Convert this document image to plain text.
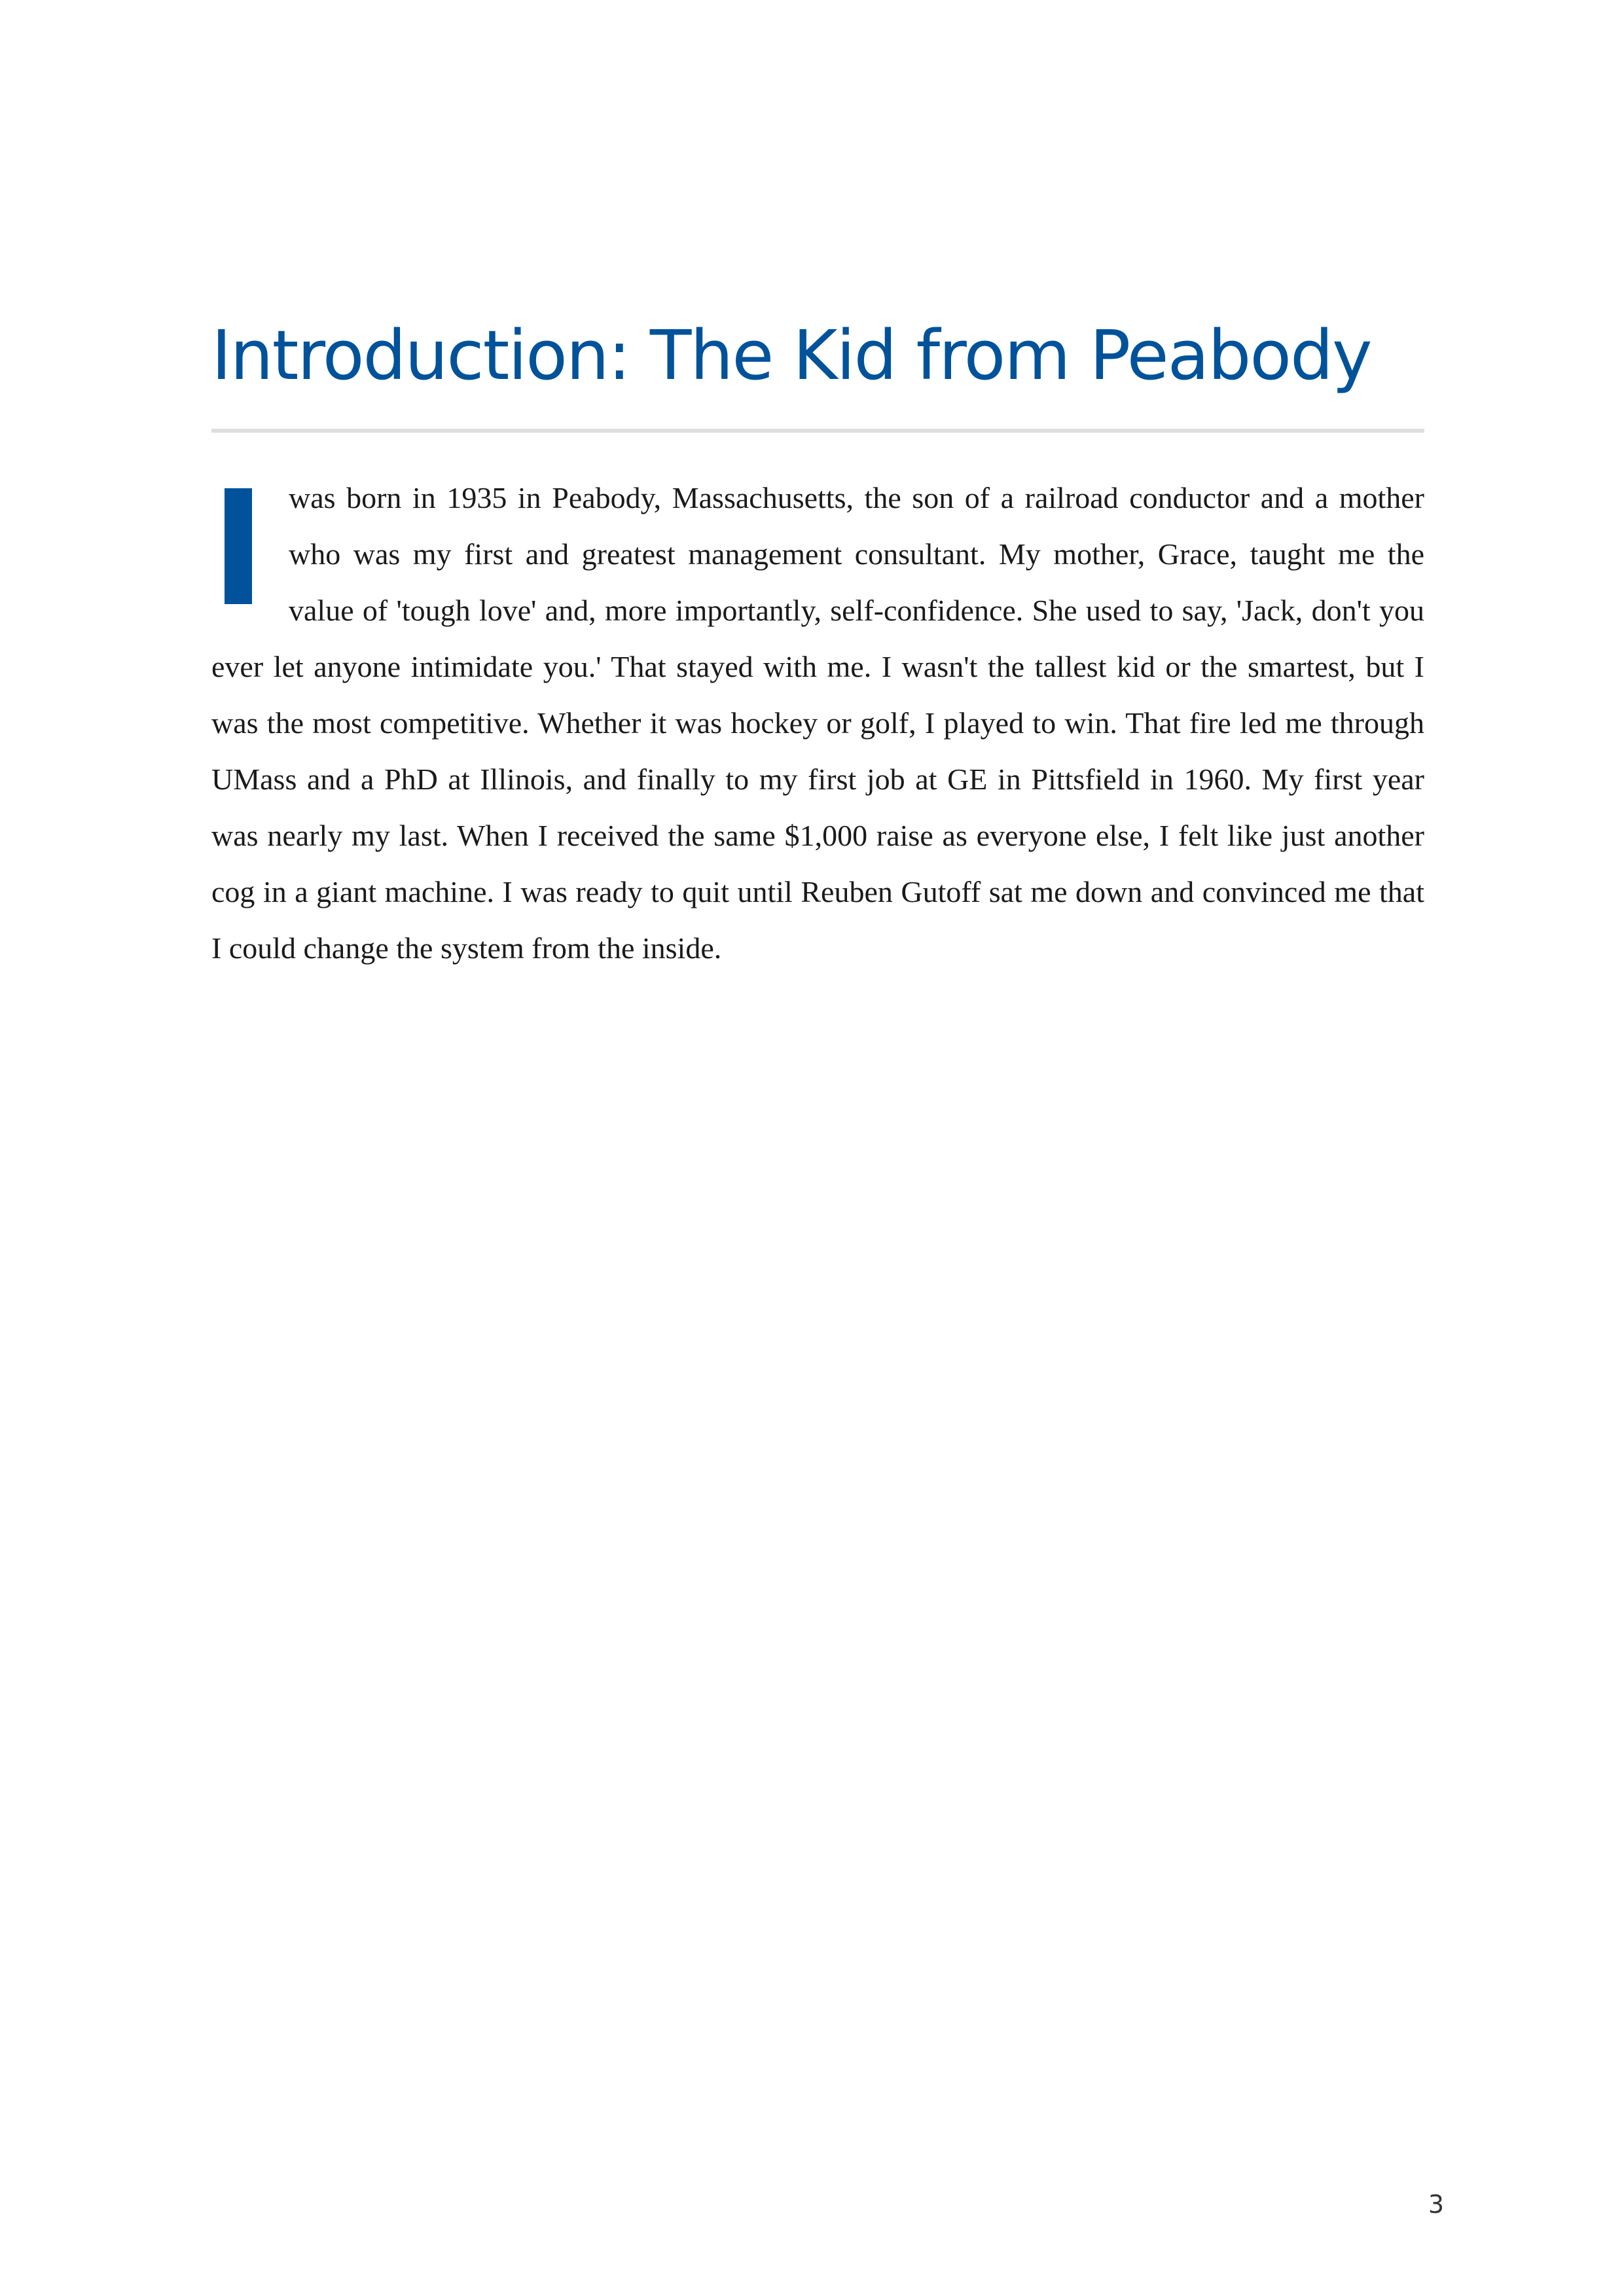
Introduction: The Kid from Peabody

was born in 1935 in Peabody, Massachusetts, the son of a railroad conductor and a mother who was my first and greatest management consultant. My mother, Grace, taught me the value of 'tough love' and, more importantly, self-confidence. She used to say, 'Jack, don't you ever let anyone intimidate you.' That stayed with me. I wasn't the tallest kid or the smartest, but I was the most competitive. Whether it was hockey or golf, I played to win. That fire led me through UMass and a PhD at Illinois, and finally to my first job at GE in Pittsfield in 1960. My first year was nearly my last. When I received the same $1,000 raise as everyone else, I felt like just another cog in a giant machine. I was ready to quit until Reuben Gutoff sat me down and convinced me that I could change the system from the inside.

3
